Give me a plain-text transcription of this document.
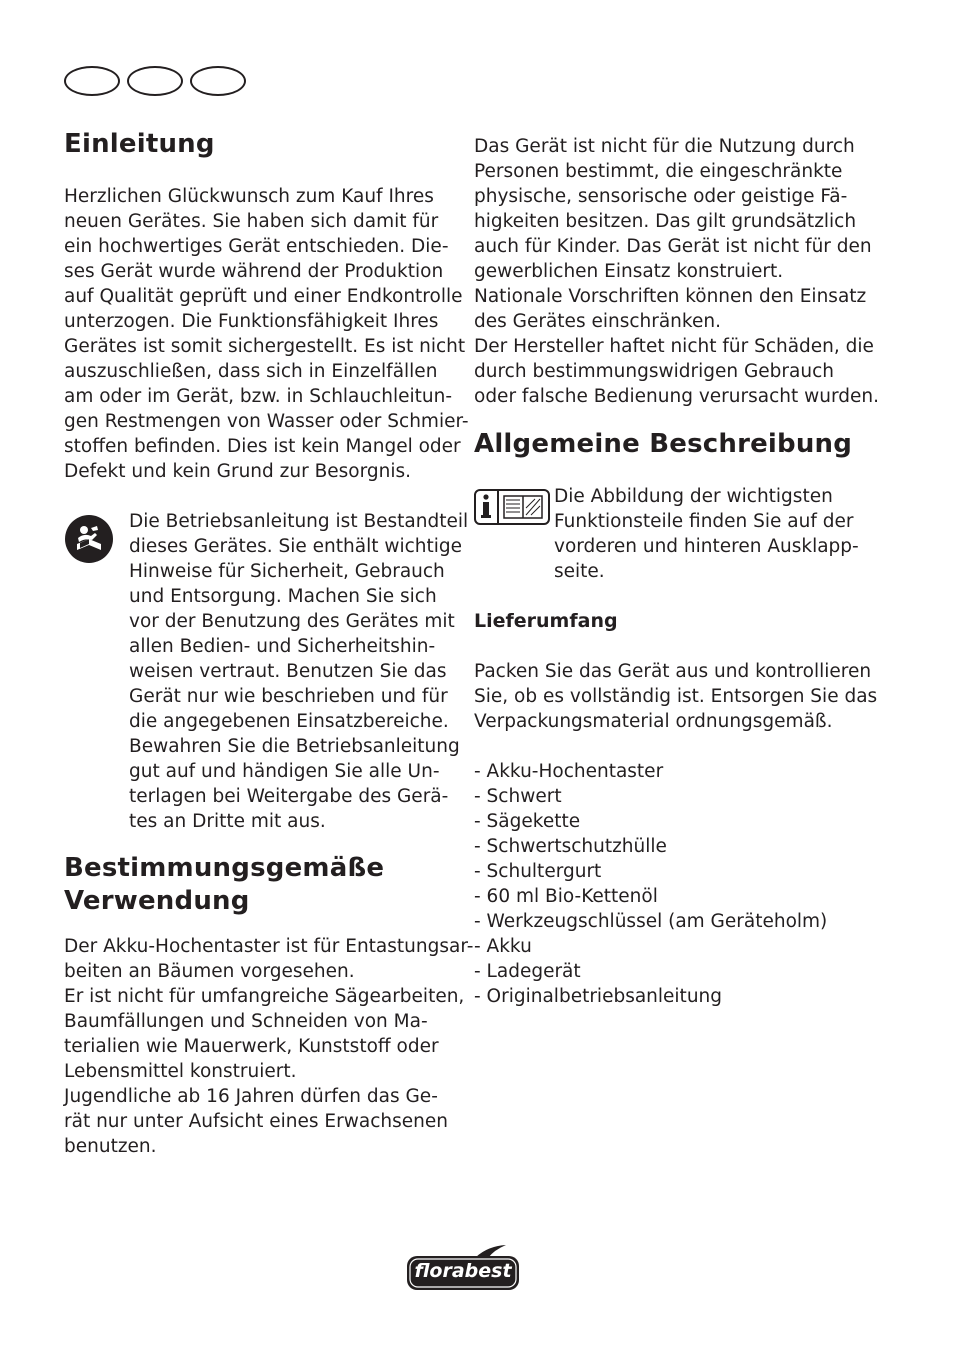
Einleitung

Herzlichen Glückwunsch zum Kauf Ihres
neuen Gerätes. Sie haben sich damit für
ein hochwertiges Gerät entschieden. Die-
ses Gerät wurde während der Produktion
auf Qualität geprüft und einer Endkontrolle
unterzogen. Die Funktionsfähigkeit Ihres
Gerätes ist somit sichergestellt. Es ist nicht
auszuschließen, dass sich in Einzelfällen
am oder im Gerät, bzw. in Schlauchleitun-
gen Restmengen von Wasser oder Schmier-
stoffen befinden. Dies ist kein Mangel oder
Defekt und kein Grund zur Besorgnis.

Die Betriebsanleitung ist Bestandteil
dieses Gerätes. Sie enthält wichtige
Hinweise für Sicherheit, Gebrauch
und Entsorgung. Machen Sie sich
vor der Benutzung des Gerätes mit
allen Bedien- und Sicherheitshin-
weisen vertraut. Benutzen Sie das
Gerät nur wie beschrieben und für
die angegebenen Einsatzbereiche.
Bewahren Sie die Betriebsanleitung
gut auf und händigen Sie alle Un-
terlagen bei Weitergabe des Gerä-
tes an Dritte mit aus.

Bestimmungsgemäße
Verwendung

Der Akku-Hochentaster ist für Entastungsar-
beiten an Bäumen vorgesehen.
Er ist nicht für umfangreiche Sägearbeiten,
Baumfällungen und Schneiden von Ma-
terialien wie Mauerwerk, Kunststoff oder
Lebensmittel konstruiert.
Jugendliche ab 16 Jahren dürfen das Ge-
rät nur unter Aufsicht eines Erwachsenen
benutzen.

Das Gerät ist nicht für die Nutzung durch
Personen bestimmt, die eingeschränkte
physische, sensorische oder geistige Fä-
higkeiten besitzen. Das gilt grundsätzlich
auch für Kinder. Das Gerät ist nicht für den
gewerblichen Einsatz konstruiert.
Nationale Vorschriften können den Einsatz
des Gerätes einschränken.
Der Hersteller haftet nicht für Schäden, die
durch bestimmungswidrigen Gebrauch
oder falsche Bedienung verursacht wurden.

Allgemeine Beschreibung

Die Abbildung der wichtigsten
Funktionsteile finden Sie auf der
vorderen und hinteren Ausklapp-
seite.

Lieferumfang

Packen Sie das Gerät aus und kontrollieren
Sie, ob es vollständig ist. Entsorgen Sie das
Verpackungsmaterial ordnungsgemäß.

- Akku-Hochentaster
- Schwert
- Sägekette
- Schwertschutzhülle
- Schultergurt
- 60 ml Bio-Kettenöl
- Werkzeugschlüssel (am Geräteholm)
- Akku
- Ladegerät
- Originalbetriebsanleitung
florabest
